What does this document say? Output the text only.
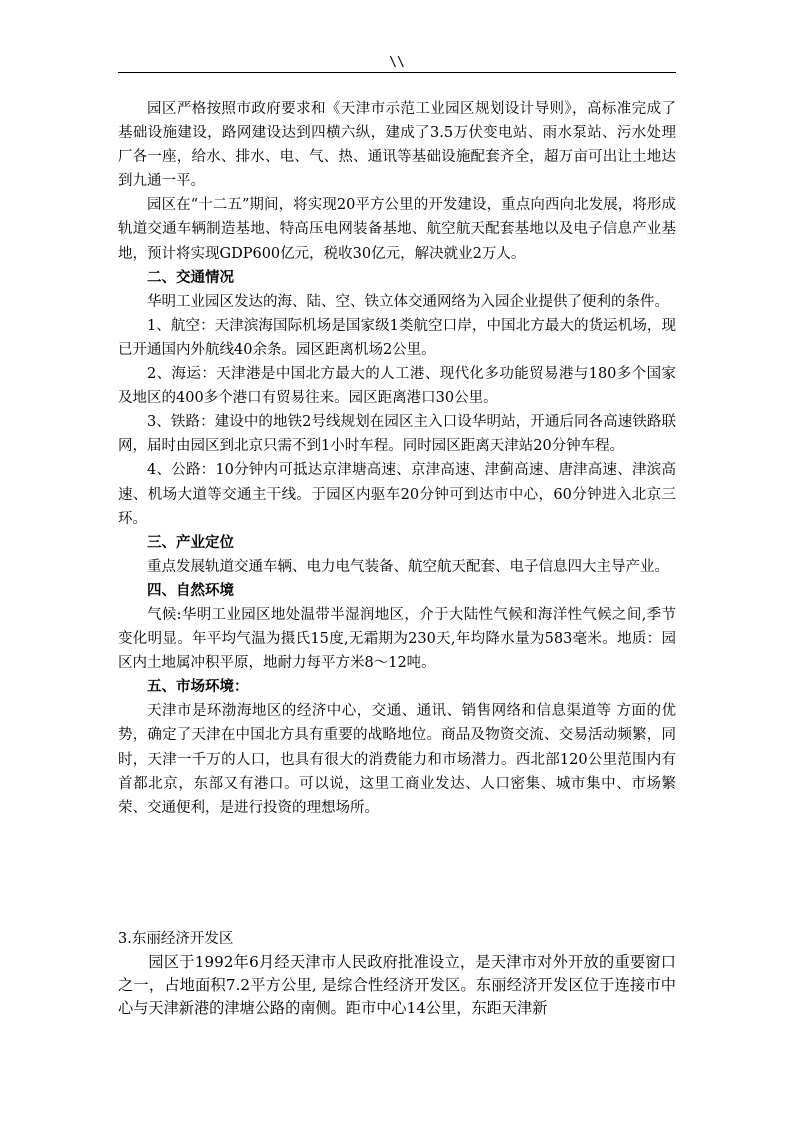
\\

园区严格按照市政府要求和《天津市示范工业园区规划设计导则》，高标准完成了基础设施建设，路网建设达到四横六纵，建成了3.5万伏变电站、雨水泵站、污水处理厂各一座，给水、排水、电、气、热、通讯等基础设施配套齐全，超万亩可出让土地达到九通一平。

园区在“十二五”期间，将实现20平方公里的开发建设，重点向西向北发展，将形成轨道交通车辆制造基地、特高压电网装备基地、航空航天配套基地以及电子信息产业基地，预计将实现GDP600亿元，税收30亿元，解决就业2万人。

二、交通情况

华明工业园区发达的海、陆、空、铁立体交通网络为入园企业提供了便利的条件。

1、航空：天津滨海国际机场是国家级1类航空口岸，中国北方最大的货运机场，现已开通国内外航线40余条。园区距离机场2公里。

2、海运：天津港是中国北方最大的人工港、现代化多功能贸易港与180多个国家及地区的400多个港口有贸易往来。园区距离港口30公里。

3、铁路：建设中的地铁2号线规划在园区主入口设华明站，开通后同各高速铁路联网，届时由园区到北京只需不到1小时车程。同时园区距离天津站20分钟车程。

4、公路：10分钟内可抵达京津塘高速、京津高速、津蓟高速、唐津高速、津滨高速、机场大道等交通主干线。于园区内驱车20分钟可到达市中心，60分钟进入北京三环。

三、产业定位

重点发展轨道交通车辆、电力电气装备、航空航天配套、电子信息四大主导产业。

四、自然环境

气候:华明工业园区地处温带半湿润地区，介于大陆性气候和海洋性气候之间,季节变化明显。年平均气温为摄氏15度,无霜期为230天,年均降水量为583毫米。地质：园区内土地属冲积平原，地耐力每平方米8～12吨。

五、市场环境：

天津市是环渤海地区的经济中心，交通、通讯、销售网络和信息渠道等 方面的优势，确定了天津在中国北方具有重要的战略地位。商品及物资交流、交易活动频繁，同时，天津一千万的人口，也具有很大的消费能力和市场潜力。西北部120公里范围内有首都北京，东部又有港口。可以说，这里工商业发达、人口密集、城市集中、市场繁荣、交通便利，是进行投资的理想场所。

3.东丽经济开发区

园区于1992年6月经天津市人民政府批准设立，是天津市对外开放的重要窗口之一，占地面积7.2平方公里, 是综合性经济开发区。东丽经济开发区位于连接市中心与天津新港的津塘公路的南侧。距市中心14公里，东距天津新
